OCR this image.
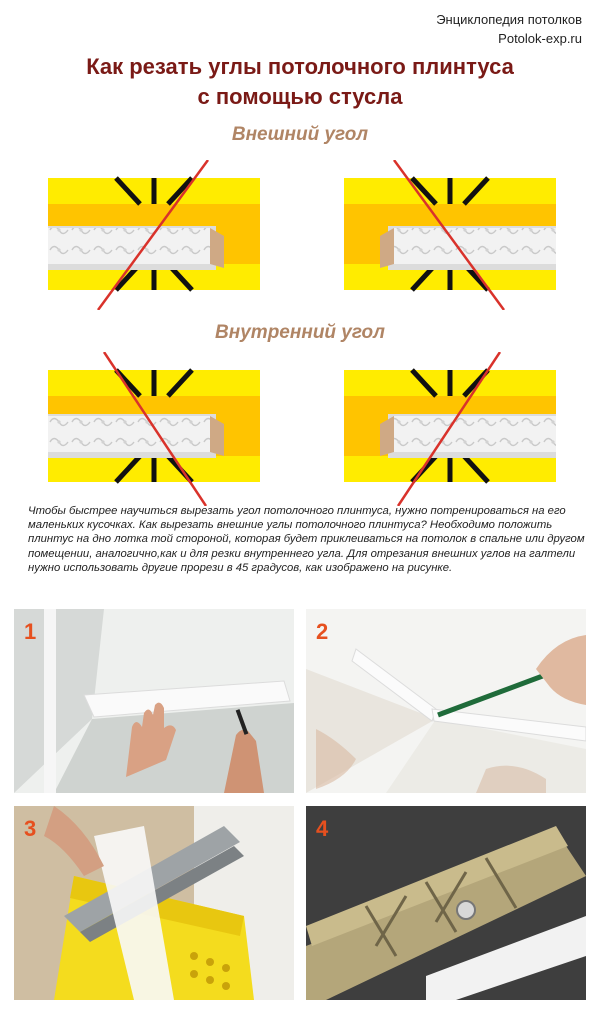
Энциклопедия потолков
Potolok-exp.ru
Как резать углы потолочного плинтуса
с помощью стусла
Внешний угол
Внутренний угол
Чтобы быстрее научиться вырезать угол потолочного плинтуса, нужно потренироваться на его маленьких кусочках. Как вырезать внешние углы потолочного плинтуса? Необходимо положить плинтус на дно лотка той стороной, которая будет приклеиваться на потолок в спальне или другом помещении, аналогично,как и для резки внутреннего угла. Для отрезания внешних углов на галтели нужно использовать другие прорези в 45 градусов, как изображено на рисунке.
1	2
3	4
